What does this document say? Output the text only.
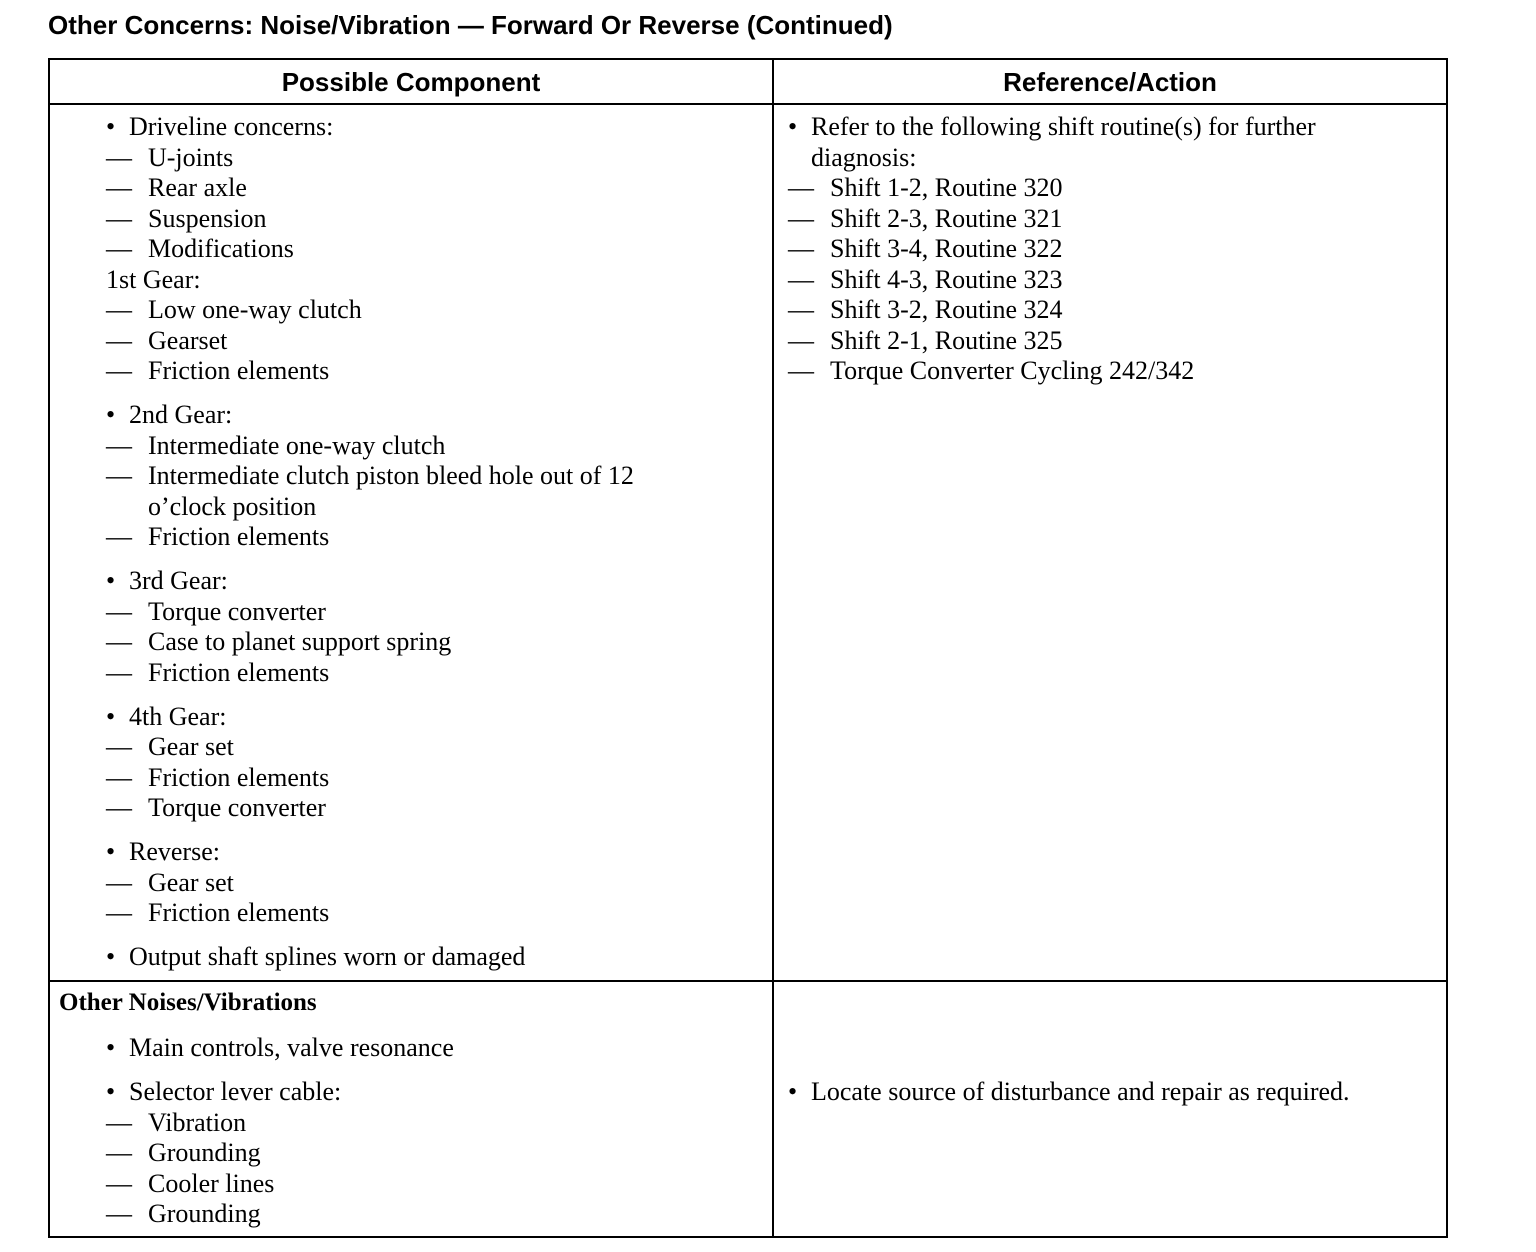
Other Concerns: Noise/Vibration — Forward Or Reverse (Continued)
Possible Component	Reference/Action
• Driveline concerns:
— U-joints
— Rear axle
— Suspension
— Modifications
1st Gear:
— Low one-way clutch
— Gearset
— Friction elements
• 2nd Gear:
— Intermediate one-way clutch
— Intermediate clutch piston bleed hole out of 12
o’clock position
— Friction elements
• 3rd Gear:
— Torque converter
— Case to planet support spring
— Friction elements
• 4th Gear:
— Gear set
— Friction elements
— Torque converter
• Reverse:
— Gear set
— Friction elements
• Output shaft splines worn or damaged
• Refer to the following shift routine(s) for further
diagnosis:
— Shift 1-2, Routine 320
— Shift 2-3, Routine 321
— Shift 3-4, Routine 322
— Shift 4-3, Routine 323
— Shift 3-2, Routine 324
— Shift 2-1, Routine 325
— Torque Converter Cycling 242/342
Other Noises/Vibrations
• Main controls, valve resonance
• Selector lever cable:
— Vibration
— Grounding
— Cooler lines
— Grounding
• Locate source of disturbance and repair as required.
